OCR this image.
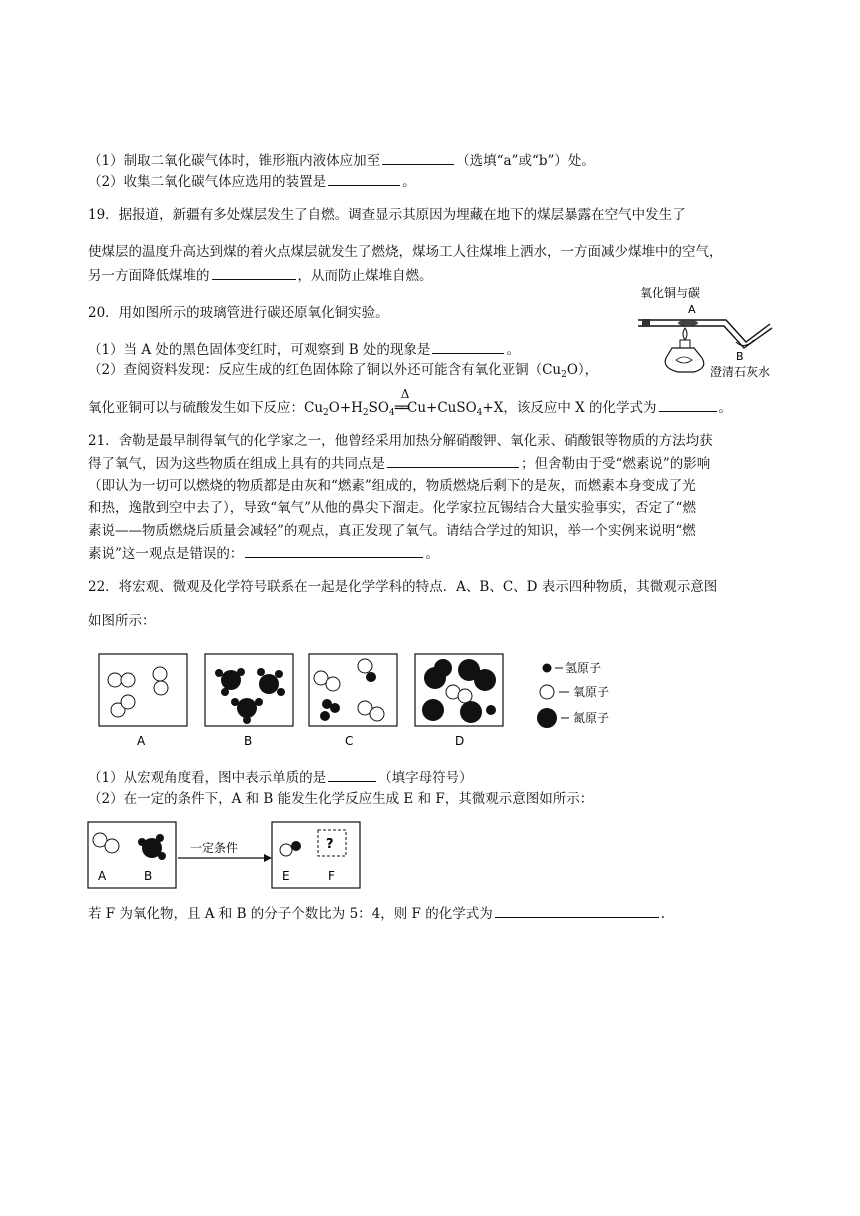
（1）制取二氧化碳气体时，锥形瓶内液体应加至	（选填“a”或“b”）处。
（2）收集二氧化碳气体应选用的装置是	。
19．据报道，新疆有多处煤层发生了自燃。调查显示其原因为埋藏在地下的煤层暴露在空气中发生了
使煤层的温度升高达到煤的着火点煤层就发生了燃烧，煤场工人往煤堆上洒水，一方面减少煤堆中的空气，
另一方面降低煤堆的	，从而防止煤堆自燃。
20．用如图所示的玻璃管进行碳还原氧化铜实验。
（1）当 A 处的黑色固体变红时，可观察到 B 处的现象是	。
（2）查阅资料发现：反应生成的红色固体除了铜以外还可能含有氧化亚铜$(Cu_2O)$，
氧化亚铜可以与硫酸发生如下反应：$Cu_2O+H_2SO_4$
Δ
══Cu+CuSO$_4$+X，该反应中 X 的化学式为	。
氧化铜与碳
A
B
澄清石灰水
21．舍勒是最早制得氧气的化学家之一，他曾经采用加热分解硝酸钾、氧化汞、硝酸银等物质的方法均获
得了氧气，因为这些物质在组成上具有的共同点是	；但舍勒由于受“燃素说”的影响
（即认为一切可以燃烧的物质都是由灰和“燃素”组成的，物质燃烧后剩下的是灰，而燃素本身变成了光
和热，逸散到空中去了），导致“氧气”从他的鼻尖下溜走。化学家拉瓦锡结合大量实验事实，否定了“燃
素说——物质燃烧后质量会减轻”的观点，真正发现了氧气。请结合学过的知识，举一个实例来说明“燃
素说”这一观点是错误的：	。
22．将宏观、微观及化学符号联系在一起是化学学科的特点．A、B、C、D 表示四种物质，其微观示意图
如图所示：
A	B	C	D
氢原子
氧原子
氮原子
（1）从宏观角度看，图中表示单质的是	（填字母符号）
（2）在一定的条件下，A 和 B 能发生化学反应生成 E 和 F，其微观示意图如所示：
A	B
一定条件	?
E	F
若 F 为氧化物，且 A 和 B 的分子个数比为 5：4，则 F 的化学式为	.
